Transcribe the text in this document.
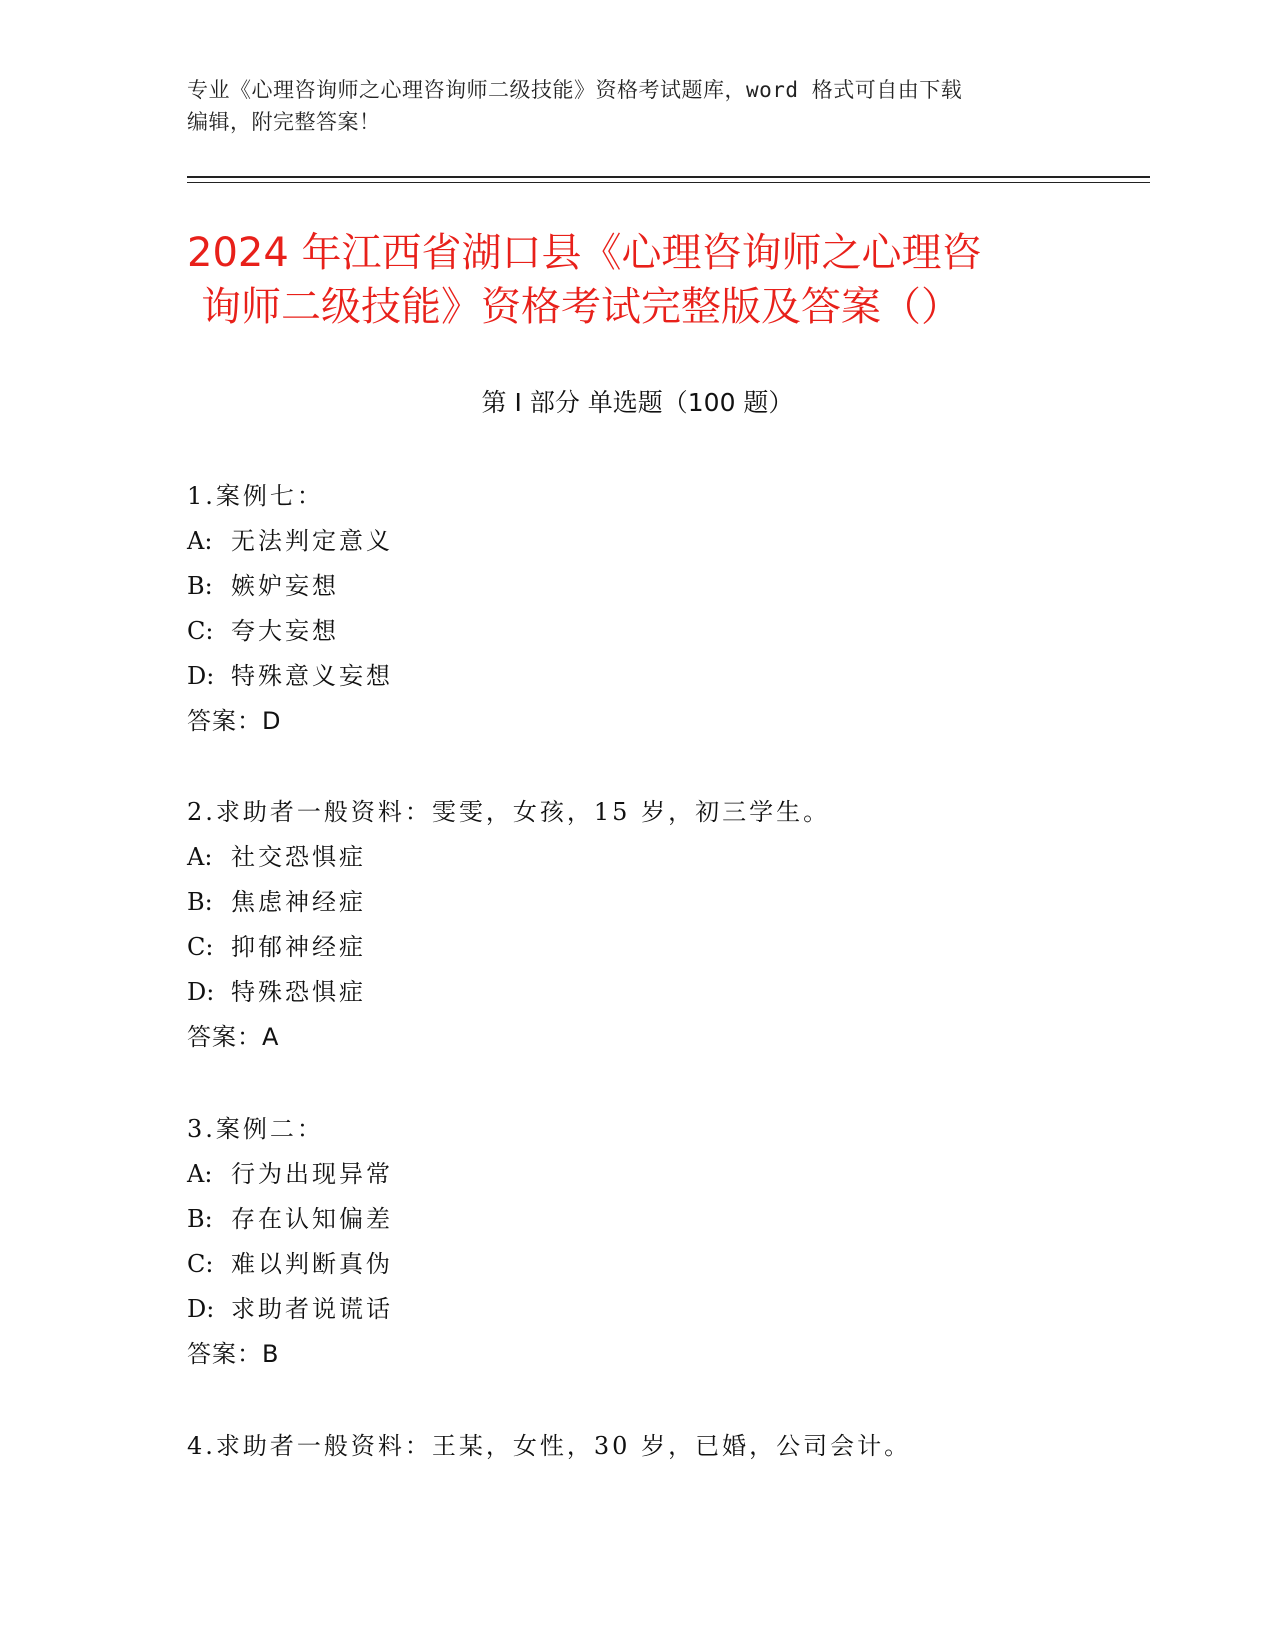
专业《心理咨询师之心理咨询师二级技能》资格考试题库，word 格式可自由下载
编辑，附完整答案！
2024 年江西省湖口县《心理咨询师之心理咨
询师二级技能》资格考试完整版及答案（）
第 I 部分 单选题（100 题）
1.案例七：
A: 无法判定意义
B: 嫉妒妄想
C: 夸大妄想
D: 特殊意义妄想
答案：D
2.求助者一般资料：雯雯，女孩，15 岁，初三学生。
A: 社交恐惧症
B: 焦虑神经症
C: 抑郁神经症
D: 特殊恐惧症
答案：A
3.案例二：
A: 行为出现异常
B: 存在认知偏差
C: 难以判断真伪
D: 求助者说谎话
答案：B
4.求助者一般资料：王某，女性，30 岁，已婚，公司会计。
